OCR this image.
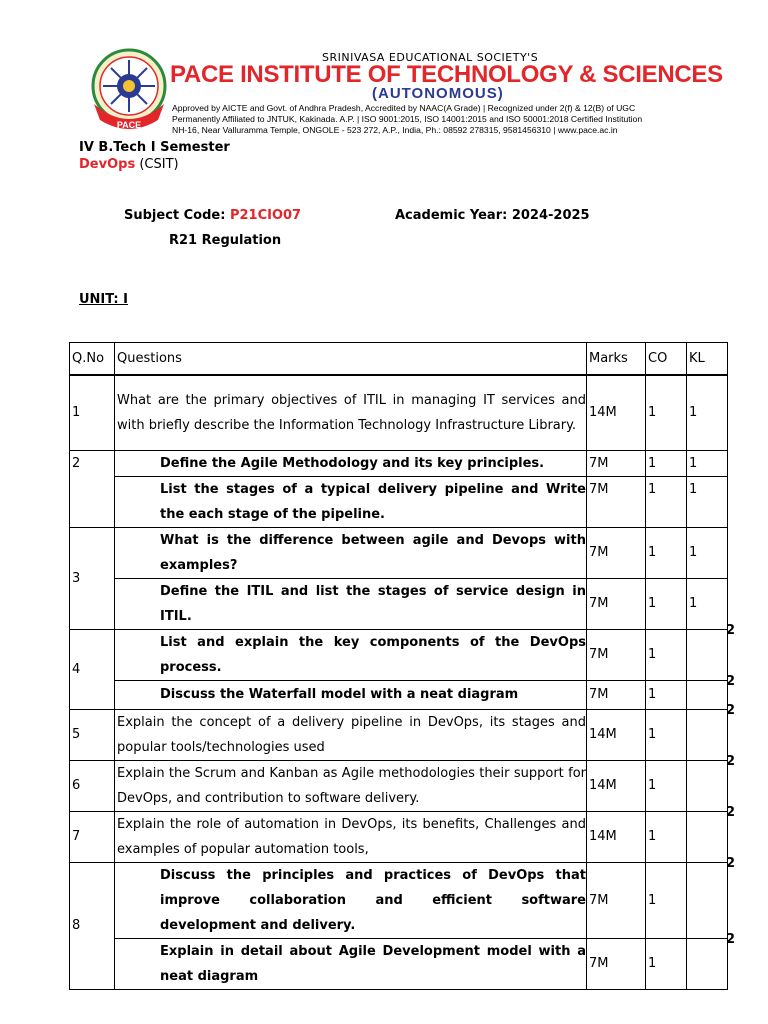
PACE
SRINIVASA EDUCATIONAL SOCIETY'S
PACE INSTITUTE OF TECHNOLOGY & SCIENCES
(AUTONOMOUS)
Approved by AICTE and Govt. of Andhra Pradesh, Accredited by NAAC(A Grade) | Recognized under 2(f) & 12(B) of UGC
Permanently Affiliated to JNTUK, Kakinada. A.P. | ISO 9001:2015, ISO 14001:2015 and ISO 50001:2018 Certified Institution
NH-16, Near Valluramma Temple, ONGOLE - 523 272, A.P., India, Ph.: 08592 278315, 9581456310 | www.pace.ac.in
IV B.Tech I Semester
DevOps (CSIT)
Subject Code: P21CIO07	Academic Year: 2024-2025
R21 Regulation
UNIT: I
Q.No	Questions	Marks	CO	KL
1	What are the primary objectives of ITIL in managing IT services and with briefly describe the Information Technology Infrastructure Library.	14M	1	1
2	Define the Agile Methodology and its key principles.	7M	1	1
	List the stages of a typical delivery pipeline and Write the each stage of the pipeline.	7M	1	1
3	What is the difference between agile and Devops with examples?	7M	1	1
	Define the ITIL and list the stages of service design in ITIL.	7M	1	1
4	List and explain the key components of the DevOps process.	7M	1	2

	Discuss the Waterfall model with a neat diagram	7M	1	2

5	Explain the concept of a delivery pipeline in DevOps, its stages and popular tools/technologies used	14M	1	2

6	Explain the Scrum and Kanban as Agile methodologies their support for DevOps, and contribution to software delivery.	14M	1	2

7	Explain the role of automation in DevOps, its benefits, Challenges and examples of popular automation tools,	14M	1	2

8	Discuss the principles and practices of DevOps that improve collaboration and efficient software development and delivery.	7M	1	2

	Explain in detail about Agile Development model with a neat diagram	7M	1	2
